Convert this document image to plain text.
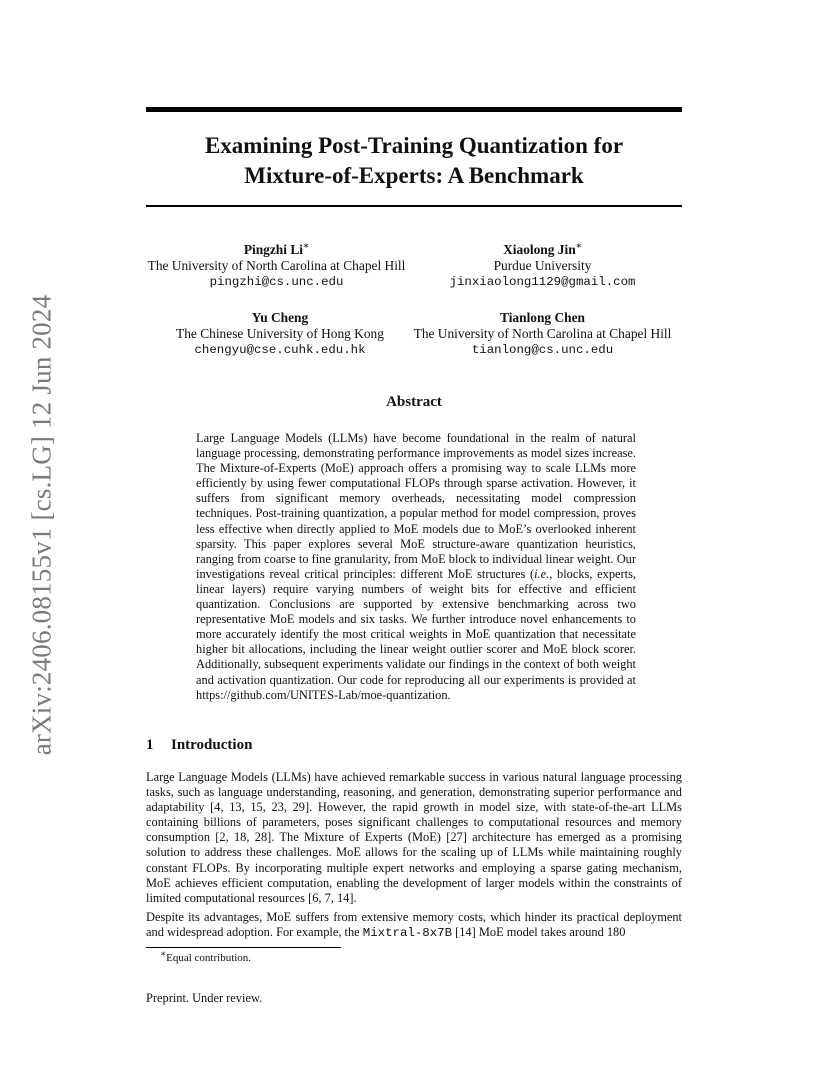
arXiv:2406.08155v1 [cs.LG] 12 Jun 2024
Examining Post-Training Quantization for
Mixture-of-Experts: A Benchmark
Pingzhi Li∗
The University of North Carolina at Chapel Hill
pingzhi@cs.unc.edu
Xiaolong Jin∗
Purdue University
jinxiaolong1129@gmail.com
Yu Cheng
The Chinese University of Hong Kong
chengyu@cse.cuhk.edu.hk
Tianlong Chen
The University of North Carolina at Chapel Hill
tianlong@cs.unc.edu
Abstract

Large Language Models (LLMs) have become foundational in the realm of natural language processing, demonstrating performance improvements as model sizes increase. The Mixture-of-Experts (MoE) approach offers a promising way to scale LLMs more efficiently by using fewer computational FLOPs through sparse activation. However, it suffers from significant memory overheads, necessitating model compression techniques. Post-training quantization, a popular method for model compression, proves less effective when directly applied to MoE models due to MoE’s overlooked inherent sparsity. This paper explores several MoE structure-aware quantization heuristics, ranging from coarse to fine granularity, from MoE block to individual linear weight. Our investigations reveal critical principles: different MoE structures (i.e., blocks, experts, linear layers) require varying numbers of weight bits for effective and efficient quantization. Conclusions are supported by extensive benchmarking across two representative MoE models and six tasks. We further introduce novel enhancements to more accurately identify the most critical weights in MoE quantization that necessitate higher bit allocations, including the linear weight outlier scorer and MoE block scorer. Additionally, subsequent experiments validate our findings in the context of both weight and activation quantization. Our code for reproducing all our experiments is provided at https://github.com/UNITES-Lab/moe-quantization.

1 Introduction

Large Language Models (LLMs) have achieved remarkable success in various natural language processing tasks, such as language understanding, reasoning, and generation, demonstrating superior performance and adaptability [4, 13, 15, 23, 29]. However, the rapid growth in model size, with state-of-the-art LLMs containing billions of parameters, poses significant challenges to computational resources and memory consumption [2, 18, 28]. The Mixture of Experts (MoE) [27] architecture has emerged as a promising solution to address these challenges. MoE allows for the scaling up of LLMs while maintaining roughly constant FLOPs. By incorporating multiple expert networks and employing a sparse gating mechanism, MoE achieves efficient computation, enabling the development of larger models within the constraints of limited computational resources [6, 7, 14].

Despite its advantages, MoE suffers from extensive memory costs, which hinder its practical deployment and widespread adoption. For example, the Mixtral-8x7B [14] MoE model takes around 180

∗Equal contribution.

Preprint. Under review.
